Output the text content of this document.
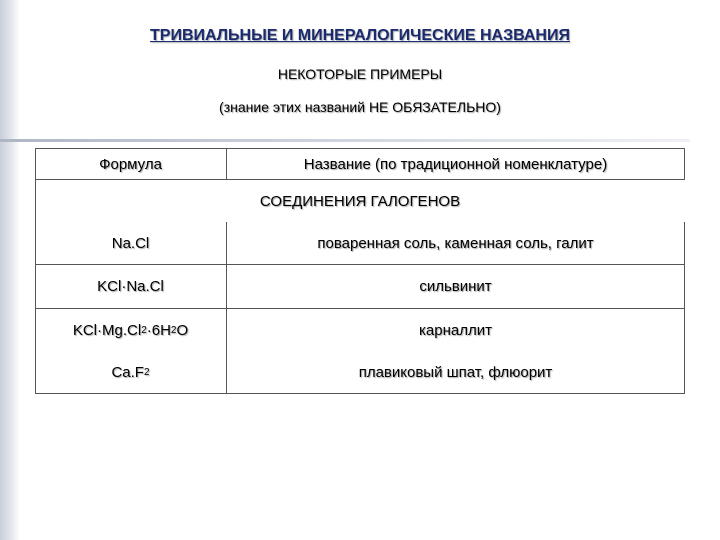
ТРИВИАЛЬНЫЕ И МИНЕРАЛОГИЧЕСКИЕ НАЗВАНИЯ
НЕКОТОРЫЕ ПРИМЕРЫ
(знание этих названий НЕ ОБЯЗАТЕЛЬНО)
Формула	Название (по традиционной номенклатуре)
СОЕДИНЕНИЯ ГАЛОГЕНОВ
Na.Cl	поваренная соль, каменная соль, галит
KCl·Na.Cl	сильвинит
KCl·Mg.Cl 2 ·6H 2 O	карналлит
Ca.F 2	плавиковый шпат, флюорит
